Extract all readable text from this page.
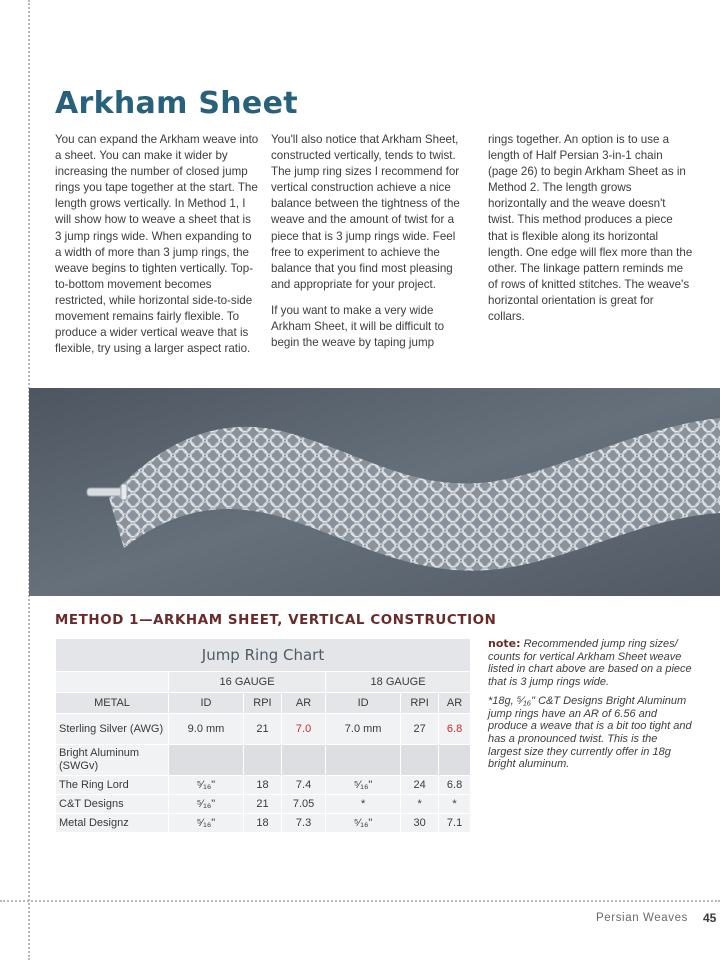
Arkham Sheet

You can expand the Arkham weave into a sheet. You can make it wider by increasing the number of closed jump rings you tape together at the start. The length grows vertically. In Method 1, I will show how to weave a sheet that is 3 jump rings wide. When expanding to a width of more than 3 jump rings, the weave begins to tighten vertically. Top-to-bottom movement becomes restricted, while horizontal side-to-side movement remains fairly flexible. To produce a wider vertical weave that is flexible, try using a larger aspect ratio.

You'll also notice that Arkham Sheet, constructed vertically, tends to twist. The jump ring sizes I recommend for vertical construction achieve a nice balance between the tightness of the weave and the amount of twist for a piece that is 3 jump rings wide. Feel free to experiment to achieve the balance that you find most pleasing and appropriate for your project.

If you want to make a very wide Arkham Sheet, it will be difficult to begin the weave by taping jump

rings together. An option is to use a length of Half Persian 3-in-1 chain (page 26) to begin Arkham Sheet as in Method 2. The length grows horizontally and the weave doesn't twist. This method produces a piece that is flexible along its horizontal length. One edge will flex more than the other. The linkage pattern reminds me of rows of knitted stitches. The weave's horizontal orientation is great for collars.

METHOD 1—ARKHAM SHEET, VERTICAL CONSTRUCTION
Jump Ring Chart						
	16 GAUGE			18 GAUGE		
METAL	ID	RPI	AR	ID	RPI	AR
Sterling Silver (AWG)	9.0 mm	21	7.0	7.0 mm	27	6.8
Bright Aluminum (SWGv)						
The Ring Lord	⁵⁄₁₆"	18	7.4	⁵⁄₁₆"	24	6.8
C&T Designs	⁵⁄₁₆"	21	7.05	*	*	*
Metal Designz	⁵⁄₁₆"	18	7.3	⁵⁄₁₆"	30	7.1

note: Recommended jump ring sizes/ counts for vertical Arkham Sheet weave listed in chart above are based on a piece that is 3 jump rings wide.

*18g, ⁵⁄₁₆" C&T Designs Bright Aluminum jump rings have an AR of 6.56 and produce a weave that is a bit too tight and has a pronounced twist. This is the largest size they currently offer in 18g bright aluminum.

Persian Weaves 45
